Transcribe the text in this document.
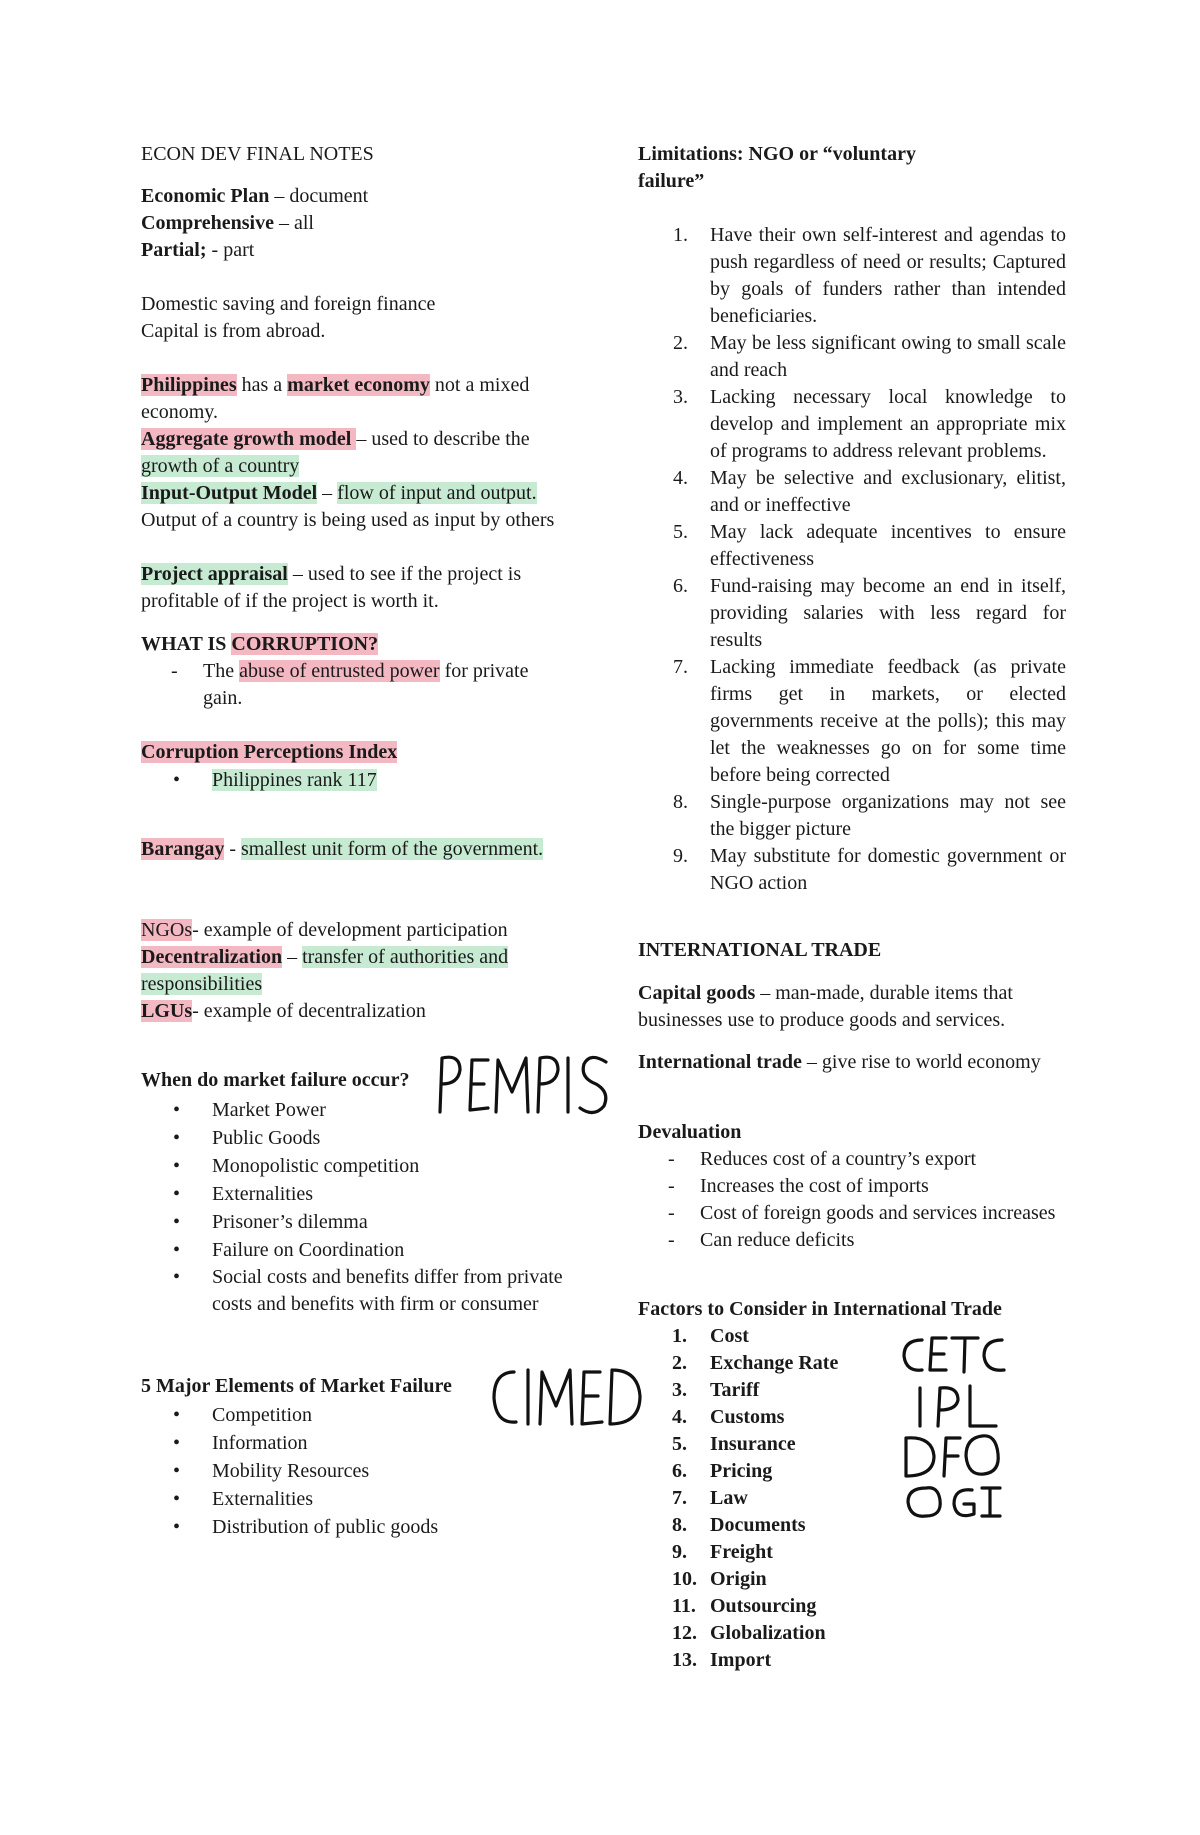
ECON DEV FINAL NOTES
Economic Plan – document
Comprehensive – all
Partial; - part
Domestic saving and foreign finance
Capital is from abroad.
Philippines has a market economy not a mixed economy.
Aggregate growth model – used to describe the growth of a country
Input-Output Model – flow of input and output. Output of a country is being used as input by others
Project appraisal – used to see if the project is profitable of if the project is worth it.
WHAT IS CORRUPTION?
- The abuse of entrusted power for private gain.
Corruption Perceptions Index
• Philippines rank 117
Barangay - smallest unit form of the government.
NGOs- example of development participation
Decentralization – transfer of authorities and responsibilities
LGUs- example of decentralization
When do market failure occur?
• Market Power
• Public Goods
• Monopolistic competition
• Externalities
• Prisoner’s dilemma
• Failure on Coordination
• Social costs and benefits differ from private costs and benefits with firm or consumer
5 Major Elements of Market Failure
• Competition
• Information
• Mobility Resources
• Externalities
• Distribution of public goods
Limitations: NGO or “voluntary failure”
1. Have their own self-interest and agendas to push regardless of need or results; Captured by goals of funders rather than intended beneficiaries.
2. May be less significant owing to small scale and reach
3. Lacking necessary local knowledge to develop and implement an appropriate mix of programs to address relevant problems.
4. May be selective and exclusionary, elitist, and or ineffective
5. May lack adequate incentives to ensure effectiveness
6. Fund-raising may become an end in itself, providing salaries with less regard for results
7. Lacking immediate feedback (as private firms get in markets, or elected governments receive at the polls); this may let the weaknesses go on for some time before being corrected
8. Single-purpose organizations may not see the bigger picture
9. May substitute for domestic government or NGO action
INTERNATIONAL TRADE
Capital goods – man-made, durable items that businesses use to produce goods and services.
International trade – give rise to world economy
Devaluation
- Reduces cost of a country’s export
- Increases the cost of imports
- Cost of foreign goods and services increases
- Can reduce deficits
Factors to Consider in International Trade
1. Cost
2. Exchange Rate
3. Tariff
4. Customs
5. Insurance
6. Pricing
7. Law
8. Documents
9. Freight
10. Origin
11. Outsourcing
12. Globalization
13. Import
